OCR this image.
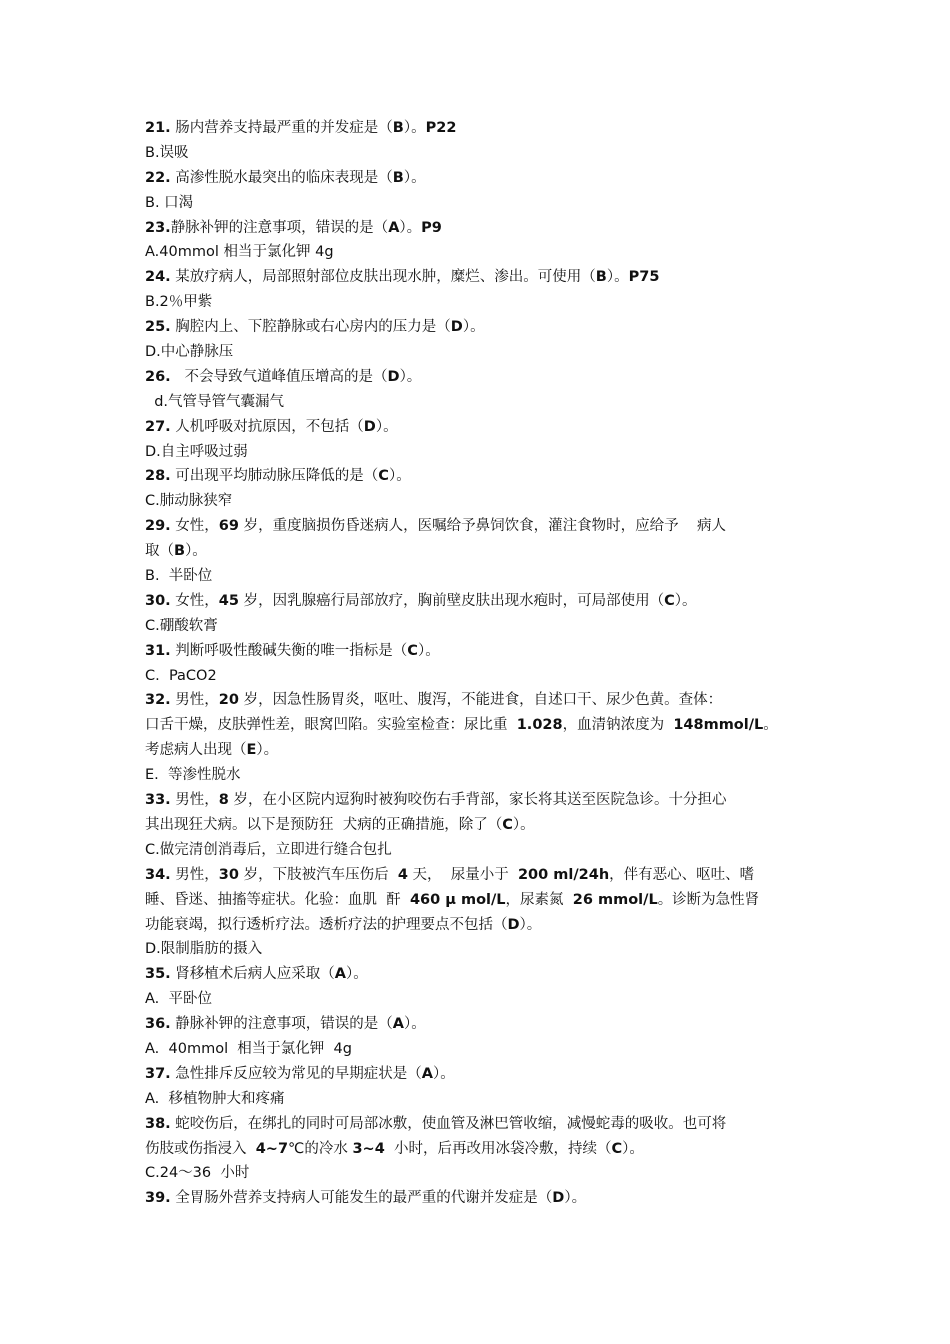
21. 肠内营养支持最严重的并发症是（B）。P22
B.误吸
22. 高渗性脱水最突出的临床表现是（B）。
B. 口渴
23.静脉补钾的注意事项，错误的是（A）。P9
A.40mmol 相当于氯化钾 4g
24. 某放疗病人，局部照射部位皮肤出现水肿，糜烂、渗出。可使用（B）。P75
B.2％甲紫
25. 胸腔内上、下腔静脉或右心房内的压力是（D）。
D.中心静脉压
26.   不会导致气道峰值压增高的是（D）。
d.气管导管气囊漏气
27. 人机呼吸对抗原因，不包括（D）。
D.自主呼吸过弱
28. 可出现平均肺动脉压降低的是（C）。
C.肺动脉狭窄
29. 女性，69 岁，重度脑损伤昏迷病人，医嘱给予鼻饲饮食，灌注食物时，应给予    病人
取（B）。
B.  半卧位
30. 女性，45 岁，因乳腺癌行局部放疗，胸前壁皮肤出现水疱时，可局部使用（C）。
C.硼酸软膏
31. 判断呼吸性酸碱失衡的唯一指标是（C）。
C.  PaCO2
32. 男性，20 岁，因急性肠胃炎，呕吐、腹泻，不能进食，自述口干、尿少色黄。查体：
口舌干燥，皮肤弹性差，眼窝凹陷。实验室检查：尿比重  1.028，血清钠浓度为  148mmol/L。
考虑病人出现（E）。
E.  等渗性脱水
33. 男性，8 岁，在小区院内逗狗时被狗咬伤右手背部，家长将其送至医院急诊。十分担心
其出现狂犬病。以下是预防狂  犬病的正确措施，除了（C）。
C.做完清创消毒后，立即进行缝合包扎
34. 男性，30 岁，下肢被汽车压伤后  4 天，  尿量小于  200 ml/24h，伴有恶心、呕吐、嗜
睡、昏迷、抽搐等症状。化验：血肌  酐  460 μ mol/L，尿素氮  26 mmol/L。诊断为急性肾
功能衰竭，拟行透析疗法。透析疗法的护理要点不包括（D）。
D.限制脂肪的摄入
35. 肾移植术后病人应采取（A）。
A.  平卧位
36. 静脉补钾的注意事项，错误的是（A）。
A.  40mmol  相当于氯化钾  4g
37. 急性排斥反应较为常见的早期症状是（A）。
A.  移植物肿大和疼痛
38. 蛇咬伤后，在绑扎的同时可局部冰敷，使血管及淋巴管收缩，减慢蛇毒的吸收。也可将
伤肢或伤指浸入  4~7℃的冷水 3~4  小时，后再改用冰袋冷敷，持续（C）。
C.24～36  小时
39. 全胃肠外营养支持病人可能发生的最严重的代谢并发症是（D）。
